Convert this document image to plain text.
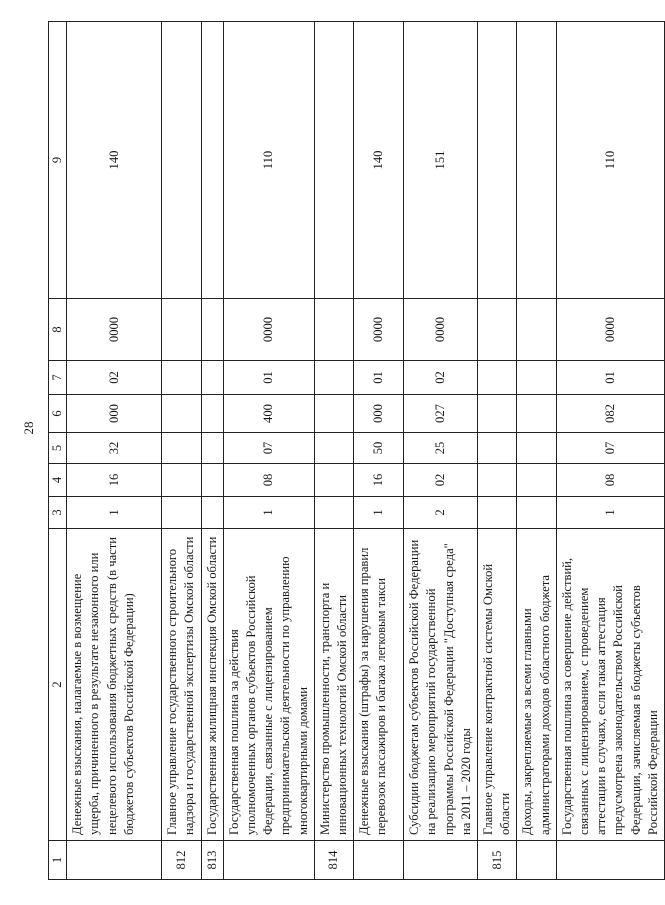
28
1	2	3	4	5	6	7	8	9
	Денежные взыскания, налагаемые в возмещение ущерба, причиненного в результате незаконного или нецелевого использования бюджетных средств (в части бюджетов субъектов Российской Федерации)	1	16	32	000	02	0000	140
812	Главное управление государственного строительного надзора и государственной экспертизы Омской области							
813	Государственная жилищная инспекция Омской области							
	Государственная пошлина за действия уполномоченных органов субъектов Российской Федерации, связанные с лицензированием предпринимательской деятельности по управлению многоквартирными домами	1	08	07	400	01	0000	110
814	Министерство промышленности, транспорта и инновационных технологий Омской области							
	Денежные взыскания (штрафы) за нарушения правил перевозок пассажиров и багажа легковым такси	1	16	50	000	01	0000	140
	Субсидии бюджетам субъектов Российской Федерации на реализацию мероприятий государственной программы Российской Федерации "Доступная среда" на 2011 – 2020 годы	2	02	25	027	02	0000	151
815	Главное управление контрактной системы Омской области							
	Доходы, закрепляемые за всеми главными администраторами доходов областного бюджета							
	Государственная пошлина за совершение действий, связанных с лицензированием, с проведением аттестации в случаях, если такая аттестация предусмотрена законодательством Российской Федерации, зачисляемая в бюджеты субъектов Российской Федерации	1	08	07	082	01	0000	110
